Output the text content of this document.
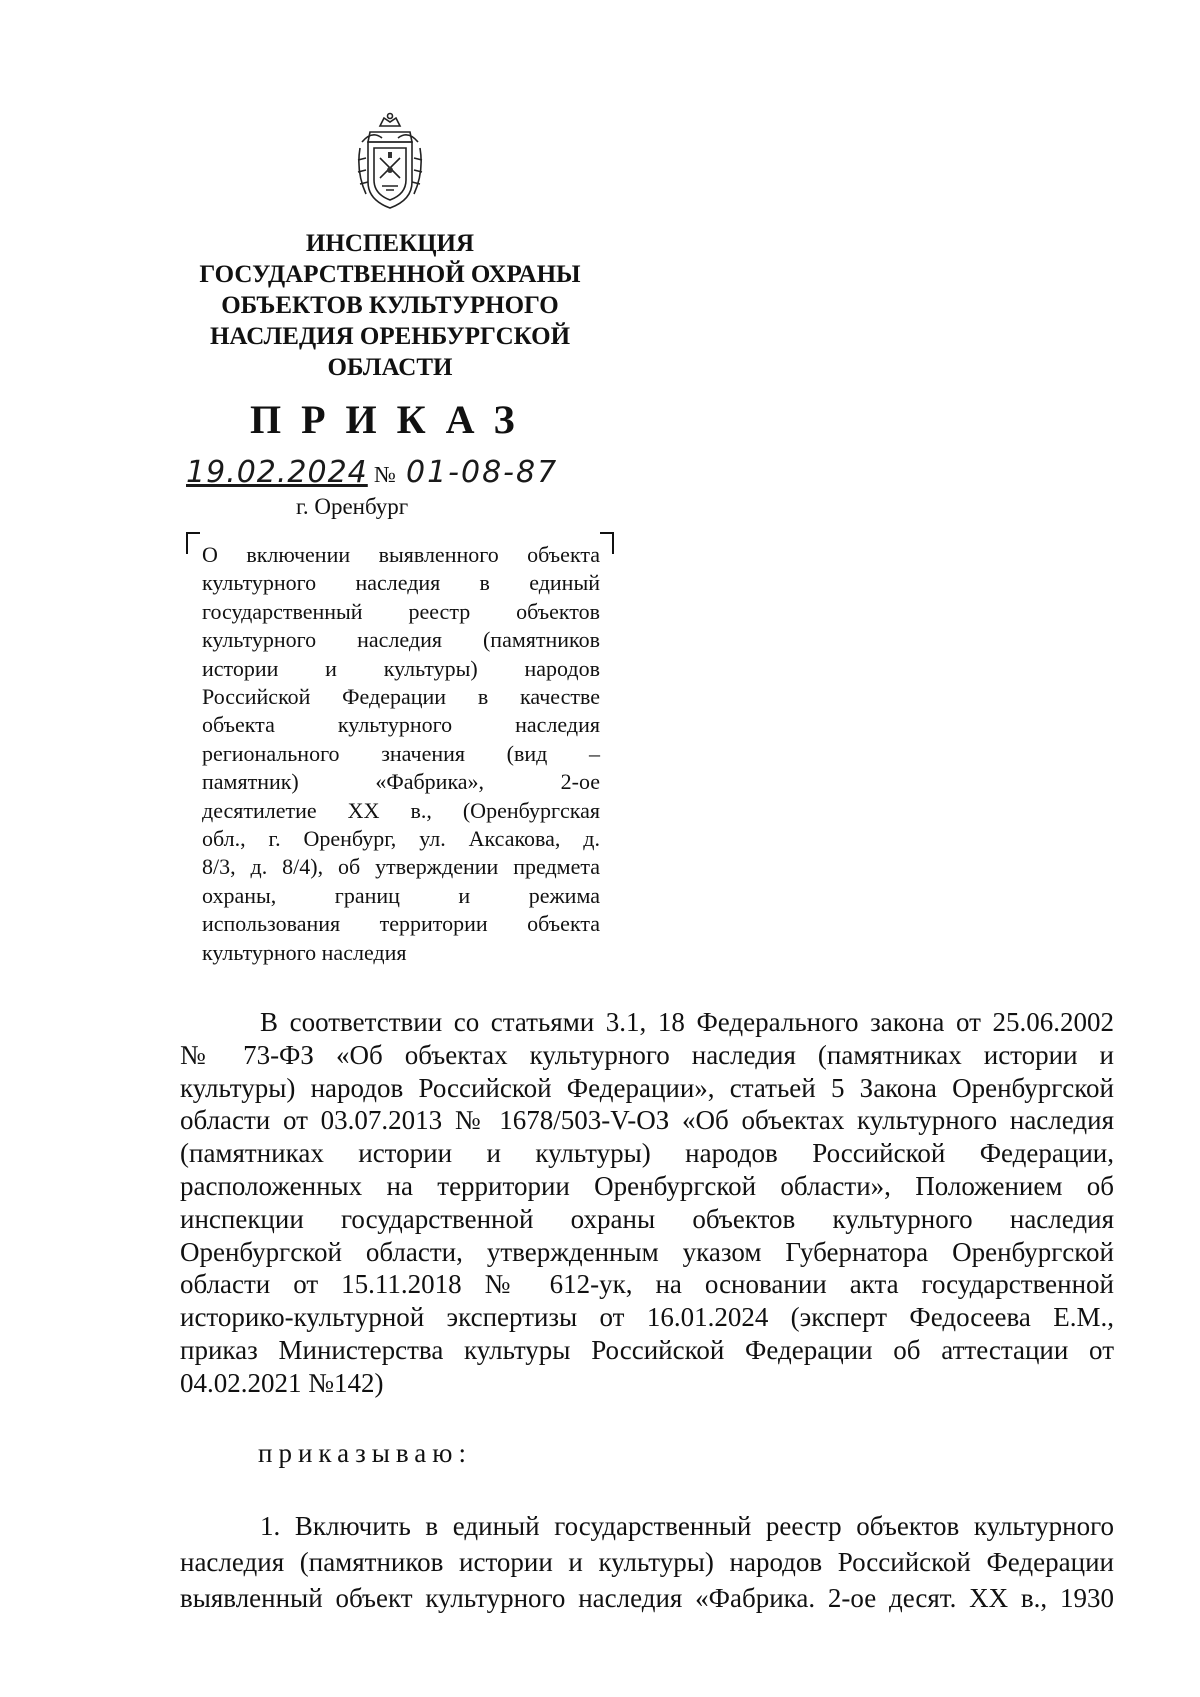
ИНСПЕКЦИЯ
ГОСУДАРСТВЕННОЙ ОХРАНЫ
ОБЪЕКТОВ КУЛЬТУРНОГО
НАСЛЕДИЯ ОРЕНБУРГСКОЙ
ОБЛАСТИ
ПРИКАЗ
19.02.2024 № 01-08-87
г. Оренбург
О включении выявленного объекта
культурного наследия в единый
государственный реестр объектов
культурного наследия (памятников
истории и культуры) народов
Российской Федерации в качестве
объекта культурного наследия
регионального значения (вид –
памятник) «Фабрика», 2-ое
десятилетие XX в., (Оренбургская
обл., г. Оренбург, ул. Аксакова, д.
8/3, д. 8/4), об утверждении предмета
охраны, границ и режима
использования территории объекта
культурного наследия
В соответствии со статьями 3.1, 18 Федерального закона от 25.06.2002
№ 73-ФЗ «Об объектах культурного наследия (памятниках истории и
культуры) народов Российской Федерации», статьей 5 Закона Оренбургской
области от 03.07.2013 № 1678/503-V-ОЗ «Об объектах культурного наследия
(памятниках истории и культуры) народов Российской Федерации,
расположенных на территории Оренбургской области», Положением об
инспекции государственной охраны объектов культурного наследия
Оренбургской области, утвержденным указом Губернатора Оренбургской
области от 15.11.2018 № 612-ук, на основании акта государственной
историко-культурной экспертизы от 16.01.2024 (эксперт Федосеева Е.М.,
приказ Министерства культуры Российской Федерации об аттестации от
04.02.2021 №142)
приказываю:
1. Включить в единый государственный реестр объектов культурного
наследия (памятников истории и культуры) народов Российской Федерации
выявленный объект культурного наследия «Фабрика. 2-ое десят. XX в., 1930
